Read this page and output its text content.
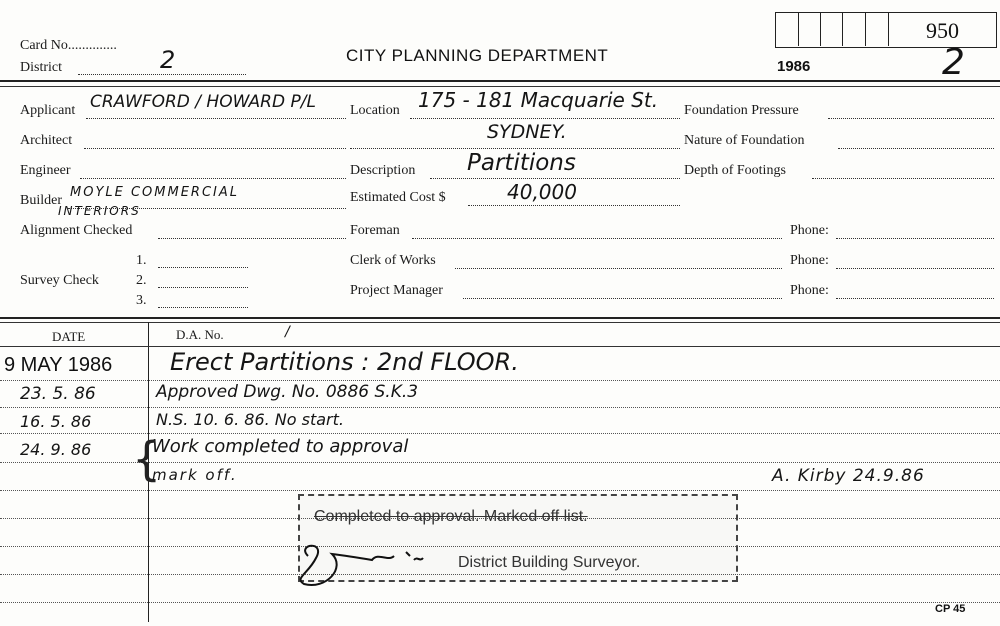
Card No..............
District	2	CITY PLANNING DEPARTMENT
1986
950
2
Applicant CRAWFORD / HOWARD P/L
Architect
Engineer
Builder
MOYLE COMMERCIAL
INTERIORS
Alignment Checked
Survey Check
1.
2.
3.
Location 175 - 181 Macquarie St.
SYDNEY.
Description Partitions
Estimated Cost $	40,000
Foreman
Clerk of Works
Project Manager
Foundation Pressure
Nature of Foundation
Depth of Footings
Phone:
Phone:
Phone:
DATE	D.A. No.	/
9 MAY 1986 Erect Partitions : 2nd FLOOR.
23. 5. 86	Approved Dwg. No. 0886 S.K.3
16. 5. 86	N.S. 10. 6. 86. No start.
24. 9. 86	Work completed to approval
{
mark off.	A. Kirby 24.9.86
Completed to approval. Marked off list.
District Building Surveyor.
CP 45
